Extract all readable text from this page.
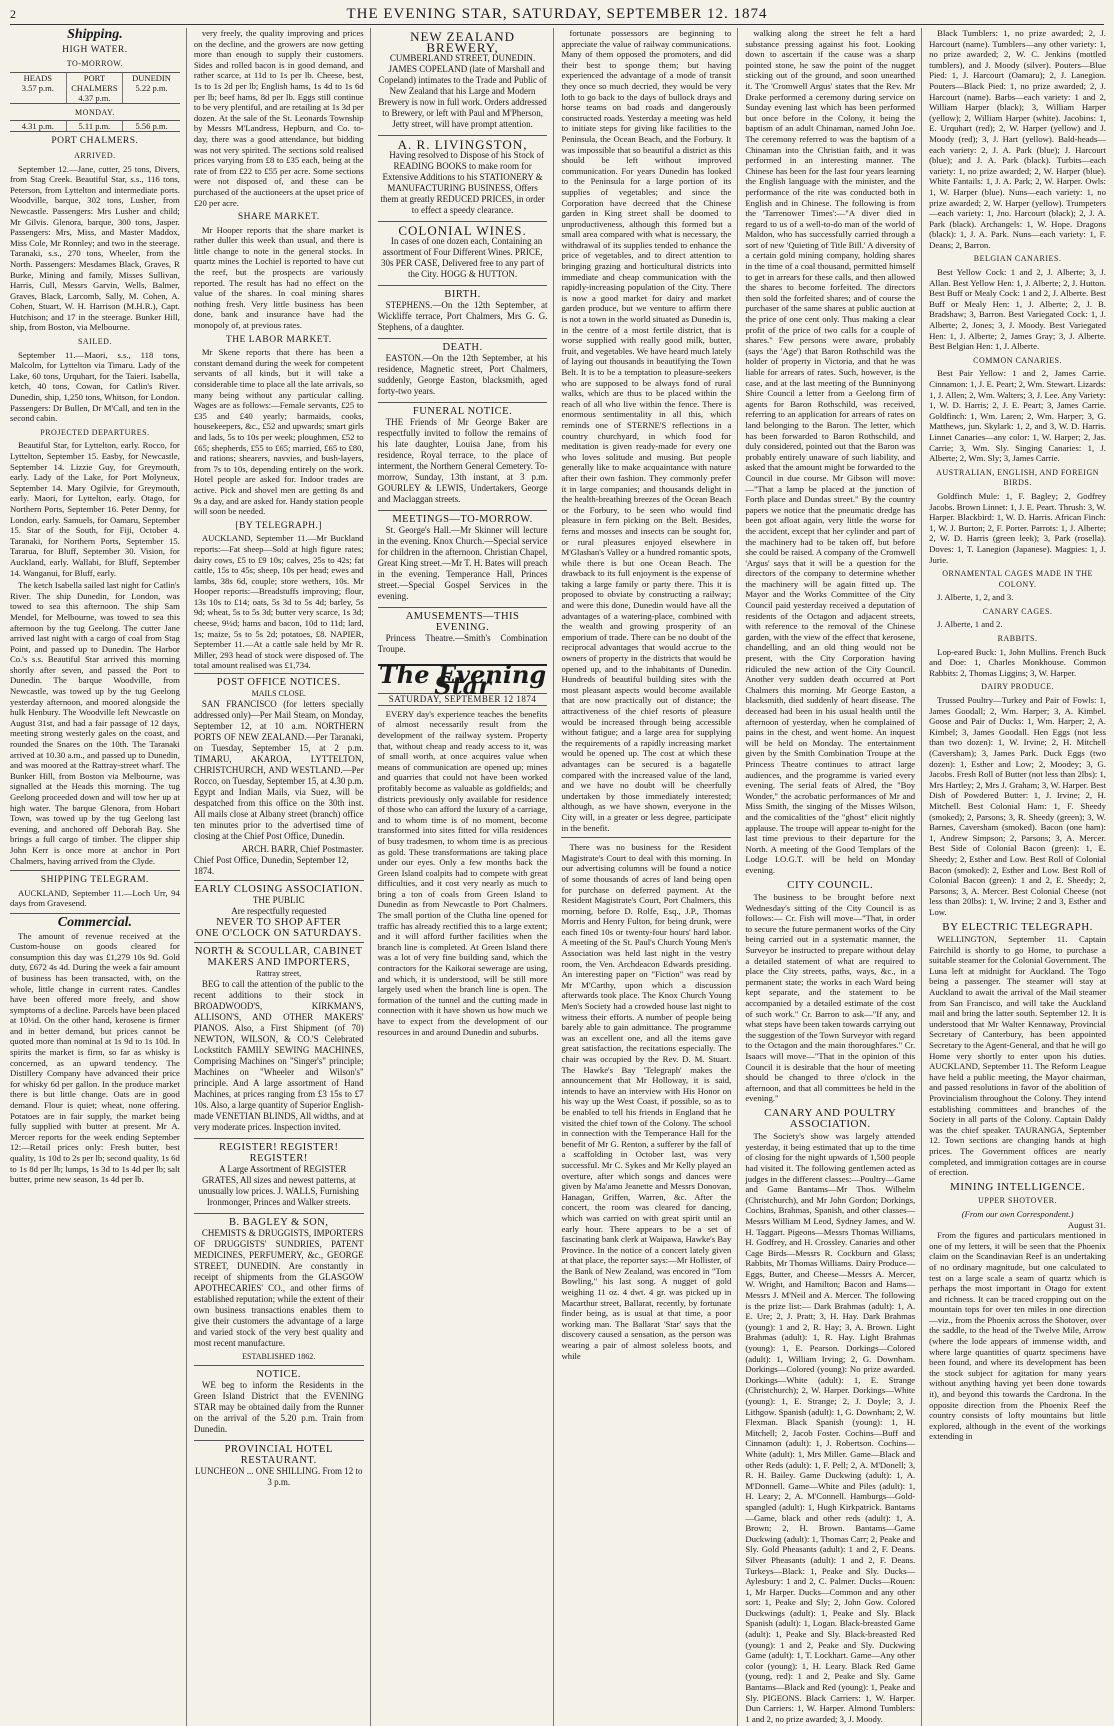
2	THE EVENING STAR, SATURDAY, SEPTEMBER 12. 1874
Shipping.
HIGH WATER.
TO-MORROW.
HEADS
3.57 p.m.
PORT CHALMERS
4.37 p.m.
DUNEDIN
5.22 p.m.
MONDAY.
4.31 p.m.	5.11 p.m.	5.56 p.m.
PORT CHALMERS.
ARRIVED.

September 12.—Jane, cutter, 25 tons, Divers, from Stag Creek. Beautiful Star, s.s., 116 tons, Peterson, from Lyttelton and intermediate ports. Woodville, barque, 302 tons, Lusher, from Newcastle. Passengers: Mrs Lusher and child; Mr Gilvis. Glenora, barque, 300 tons, Jasper. Passengers: Mrs, Miss, and Master Maddox, Miss Cole, Mr Ronnley; and two in the steerage. Taranaki, s.s., 270 tons, Wheeler, from the North. Passengers: Mesdames Black, Graves, R Burke, Mining and family, Misses Sullivan, Harris, Cull, Messrs Garvin, Wells, Balmer, Graves, Black, Larcomb, Sally, M. Cohen, A. Cohen, Stuart, W. H. Harrison (M.H.R.), Capt. Hutchison; and 17 in the steerage. Bunker Hill, ship, from Boston, via Melbourne.

SAILED.

September 11.—Maori, s.s., 118 tons, Malcolm, for Lyttelton via Timaru. Lady of the Lake, 60 tons, Urquhart, for the Taieri. Isabella, ketch, 40 tons, Cowan, for Catlin's River. Dunedin, ship, 1,250 tons, Whitson, for London. Passengers: Dr Bullen, Dr M'Call, and ten in the second cabin.

PROJECTED DEPARTURES.

Beautiful Star, for Lyttelton, early. Rocco, for Lyttelton, September 15. Easby, for Newcastle, September 14. Lizzie Guy, for Greymouth, early. Lady of the Lake, for Port Molyneux, September 14. Mary Ogilvie, for Greymouth, early. Maori, for Lyttelton, early. Otago, for Northern Ports, September 16. Peter Denny, for London, early. Samuels, for Oamaru, September 15. Star of the South, for Fiji, October 4. Taranaki, for Northern Ports, September 15. Tararua, for Bluff, September 30. Vision, for Auckland, early. Wallabi, for Bluff, September 14. Wanganui, for Bluff, early.

The ketch Isabella sailed last night for Catlin's River. The ship Dunedin, for London, was towed to sea this afternoon. The ship Sam Mendel, for Melbourne, was towed to sea this afternoon by the tug Geelong. The cutter Jane arrived last night with a cargo of coal from Stag Point, and passed up to Dunedin. The Harbor Co.'s s.s. Beautiful Star arrived this morning shortly after seven, and passed the Port to Dunedin. The barque Woodville, from Newcastle, was towed up by the tug Geelong yesterday afternoon, and moored alongside the hulk Henbury. The Woodville left Newcastle on August 31st, and had a fair passage of 12 days, meeting strong westerly gales on the coast, and rounded the Snares on the 10th. The Taranaki arrived at 10.30 a.m., and passed up to Dunedin, and was moored at the Rattray-street wharf. The Bunker Hill, from Boston via Melbourne, was signalled at the Heads this morning. The tug Geelong proceeded down and will tow her up at high water. The barque Glenora, from Hobart Town, was towed up by the tug Geelong last evening, and anchored off Deborah Bay. She brings a full cargo of timber. The clipper ship John Kerr is once more at anchor in Port Chalmers, having arrived from the Clyde.

SHIPPING TELEGRAM.

AUCKLAND, September 11.—Loch Urr, 94 days from Gravesend.

Commercial.

The amount of revenue received at the Custom-house on goods cleared for consumption this day was £1,279 10s 9d. Gold duty, £672 4s 4d. During the week a fair amount of business has been transacted, with, on the whole, little change in current rates. Candles have been offered more freely, and show symptoms of a decline. Parcels have been placed at 10½d. On the other hand, kerosene is firmer and in better demand, but prices cannot be quoted more than nominal at 1s 9d to 1s 10d. In spirits the market is firm, so far as whisky is concerned, as an upward tendency. The Distillery Company have advanced their price for whisky 6d per gallon. In the produce market there is but little change. Oats are in good demand. Flour is quiet; wheat, none offering. Potatoes are in fair supply, the market being fully supplied with butter at present. Mr A. Mercer reports for the week ending September 12:—Retail prices only: Fresh butter, best quality, 1s 10d to 2s per lb; second quality, 1s 6d to 1s 8d per lb; lumps, 1s 3d to 1s 4d per lb; salt butter, prime new season, 1s 4d per lb.

very freely, the quality improving and prices on the decline, and the growers are now getting more than enough to supply their customers. Sides and rolled bacon is in good demand, and rather scarce, at 11d to 1s per lb. Cheese, best, 1s to 1s 2d per lb; English hams, 1s 4d to 1s 6d per lb; beef hams, 8d per lb. Eggs still continue to be very plentiful, and are retailing at 1s 3d per dozen. At the sale of the St. Leonards Township by Messrs M'Landress, Hepburn, and Co. to-day, there was a good attendance, but bidding was not very spirited. The sections sold realised prices varying from £8 to £35 each, being at the rate of from £22 to £55 per acre. Some sections were not disposed of, and these can be purchased of the auctioneers at the upset price of £20 per acre.

SHARE MARKET.

Mr Hooper reports that the share market is rather duller this week than usual, and there is little change to note in the general stocks. In quartz mines the Lochiel is reported to have cut the reef, but the prospects are variously reported. The result has had no effect on the value of the shares. In coal mining shares nothing fresh. Very little business has been done, bank and insurance have had the monopoly of, at previous rates.

THE LABOR MARKET.

Mr Skene reports that there has been a constant demand during the week for competent servants of all kinds, but it will take a considerable time to place all the late arrivals, so many being without any particular calling. Wages are as follows:—Female servants, £25 to £35 and £40 yearly; barmaids, cooks, housekeepers, &c., £52 and upwards; smart girls and lads, 5s to 10s per week; ploughmen, £52 to £65; shepherds, £55 to £65; married, £65 to £80, and rations; shearers, navvies, and bush-layers, from 7s to 10s, depending entirely on the work. Hotel people are asked for. Indoor trades are active. Pick and shovel men are getting 8s and 9s a day, and are asked for. Handy station people will soon be needed.

[BY TELEGRAPH.]

AUCKLAND, September 11.—Mr Buckland reports:—Fat sheep—Sold at high figure rates; dairy cows, £5 to £9 10s; calves, 25s to 42s; fat cattle, 15s to 45s; sheep, 10s per head; ewes and lambs, 38s 6d, couple; store wethers, 10s. Mr Hooper reports:—Breadstuffs improving; flour, 13s 10s to £14; oats, 5s 3d to 5s 4d; barley, 5s 9d; wheat, 5s to 5s 3d; butter very scarce, 1s 3d; cheese, 9½d; hams and bacon, 10d to 11d; lard, 1s; maize, 5s to 5s 2d; potatoes, £8. NAPIER, September 11.—At a cattle sale held by Mr R. Miller, 293 head of stock were disposed of. The total amount realised was £1,734.

POST OFFICE NOTICES.
MAILS CLOSE.

SAN FRANCISCO (for letters specially addressed only)—Per Mail Steam, on Monday, September 12, at 10 a.m. NORTHERN PORTS OF NEW ZEALAND.—Per Taranaki, on Tuesday, September 15, at 2 p.m. TIMARU, AKAROA, LYTTELTON, CHRISTCHURCH, AND WESTLAND.—Per Rocco, on Tuesday, September 15, at 4.30 p.m. Egypt and Indian Mails, via Suez, will be despatched from this office on the 30th inst. All mails close at Albany street (branch) office ten minutes prior to the advertised time of closing at the Chief Post Office, Dunedin.

ARCH. BARR, Chief Postmaster.
Chief Post Office, Dunedin, September 12, 1874.
EARLY CLOSING ASSOCIATION.
THE PUBLIC
Are respectfully requested
NEVER TO SHOP AFTER
ONE O'CLOCK ON SATURDAYS.
NORTH & SCOULLAR, CABINET MAKERS AND IMPORTERS,
Rattray street,

BEG to call the attention of the public to the recent additions to their stock in BROADWOOD'S, KIRKMAN'S, ALLISON'S, AND OTHER MAKERS' PIANOS. Also, a First Shipment (of 70) NEWTON, WILSON, & CO.'S Celebrated Lockstitch FAMILY SEWING MACHINES, Comprising Machines on "Singer's" principle; Machines on "Wheeler and Wilson's" principle. And A large assortment of Hand Machines, at prices ranging from £3 15s to £7 10s. Also, a large quantity of Superior English-made VENETIAN BLINDS, All widths, and at very moderate prices. Inspection invited.

REGISTER! REGISTER! REGISTER!

A Large Assortment of REGISTER GRATES, All sizes and newest patterns, at unusually low prices. J. WALLS, Furnishing Ironmonger, Princes and Walker streets.

B. BAGLEY & SON,

CHEMISTS & DRUGGISTS, IMPORTERS OF DRUGGISTS' SUNDRIES, PATENT MEDICINES, PERFUMERY, &c., GEORGE STREET, DUNEDIN. Are constantly in receipt of shipments from the GLASGOW APOTHECARIES' CO., and other firms of established reputation; while the extent of their own business transactions enables them to give their customers the advantage of a large and varied stock of the very best quality and most recent manufacture.

ESTABLISHED 1862.
NOTICE.

WE beg to inform the Residents in the Green Island District that the EVENING STAR may be obtained daily from the Runner on the arrival of the 5.20 p.m. Train from Dunedin.

PROVINCIAL HOTEL RESTAURANT.
LUNCHEON ... ONE SHILLING. From 12 to 3 p.m.
NEW ZEALAND BREWERY,
CUMBERLAND STREET, DUNEDIN.

JAMES COPELAND (late of Marshall and Copeland) intimates to the Trade and Public of New Zealand that his Large and Modern Brewery is now in full work. Orders addressed to Brewery, or left with Paul and M'Pherson, Jetty street, will have prompt attention.

A. R. LIVINGSTON,

Having resolved to Dispose of his Stock of READING BOOKS to make room for Extensive Additions to his STATIONERY & MANUFACTURING BUSINESS, Offers them at greatly REDUCED PRICES, in order to effect a speedy clearance.

COLONIAL WINES.

In cases of one dozen each, Containing an assortment of Four Different Wines. PRICE, 30s PER CASE, Delivered free to any part of the City. HOGG & HUTTON.

BIRTH.

STEPHENS.—On the 12th September, at Wickliffe terrace, Port Chalmers, Mrs G. G. Stephens, of a daughter.

DEATH.

EASTON.—On the 12th September, at his residence, Magnetic street, Port Chalmers, suddenly, George Easton, blacksmith, aged forty-two years.

FUNERAL NOTICE.

THE Friends of Mr George Baker are respectfully invited to follow the remains of his late daughter, Louisa Jane, from his residence, Royal terrace, to the place of interment, the Northern General Cemetery. To-morrow, Sunday, 13th instant, at 3 p.m. GOURLEY & LEWIS, Undertakers, George and Maclaggan streets.

MEETINGS—TO-MORROW.

St. George's Hall.—Mr Skinner will lecture in the evening. Knox Church.—Special service for children in the afternoon. Christian Chapel, Great King street.—Mr T. H. Bates will preach in the evening. Temperance Hall, Princes street.—Special Gospel Services in the evening.

AMUSEMENTS—THIS EVENING.

Princess Theatre.—Smith's Combination Troupe.

The Evening Star
SATURDAY, SEPTEMBER 12 1874

EVERY day's experience teaches the benefits of almost necessarily result from the development of the railway system. Property that, without cheap and ready access to it, was of small worth, at once acquires value when means of communication are opened up; mines and quarries that could not have been worked profitably become as valuable as goldfields; and districts previously only available for residence of those who can afford the luxury of a carriage, and to whom time is of no moment, become transformed into sites fitted for villa residences of busy tradesmen, to whom time is as precious as gold. These transformations are taking place under our eyes. Only a few months back the Green Island coalpits had to compete with great difficulties, and it cost very nearly as much to bring a ton of coals from Green Island to Dunedin as from Newcastle to Port Chalmers. The small portion of the Clutha line opened for traffic has already rectified this to a large extent; and it will afford further facilities when the branch line is completed. At Green Island there was a lot of very fine building sand, which the contractors for the Kaikorai sewerage are using, and which, it is understood, will be still more largely used when the branch line is open. The formation of the tunnel and the cutting made in connection with it have shown us how much we have to expect from the development of our resources in and around Dunedin and suburbs.

fortunate possessors are beginning to appreciate the value of railway communications. Many of them opposed the promoters, and did their best to sponge them; but having experienced the advantage of a mode of transit they once so much decried, they would be very loth to go back to the days of bullock drays and horse teams on bad roads and dangerously constructed roads. Yesterday a meeting was held to initiate steps for giving like facilities to the Peninsula, the Ocean Beach, and the Forbury. It was impossible that so beautiful a district as this should be left without improved communication. For years Dunedin has looked to the Peninsula for a large portion of its supplies of vegetables; and since the Corporation have decreed that the Chinese garden in King street shall be doomed to unproductiveness, although this formed but a small area compared with what is necessary, the withdrawal of its supplies tended to enhance the price of vegetables, and to direct attention to bringing grazing and horticultural districts into immediate and cheap communication with the rapidly-increasing population of the City. There is now a good market for dairy and market garden produce, but we venture to affirm there is not a town in the world situated as Dunedin is, in the centre of a most fertile district, that is worse supplied with really good milk, butter, fruit, and vegetables. We have heard much lately of laying out thousands in beautifying the Town Belt. It is to be a temptation to pleasure-seekers who are supposed to be always fond of rural walks, which are thus to be placed within the reach of all who live within the fence. There is enormous sentimentality in all this, which reminds one of STERNE'S reflections in a country churchyard, in which food for meditation is given ready-made for every one who loves solitude and musing. But people generally like to make acquaintance with nature after their own fashion. They commonly prefer it in large companies; and thousands delight in the health-breathing breezes of the Ocean Beach or the Forbury, to be seen who would find pleasure in fern picking on the Belt. Besides, ferns and mosses and insects can be sought for, or rural pleasures enjoyed elsewhere in M'Glashan's Valley or a hundred romantic spots, while there is but one Ocean Beach. The drawback to its full enjoyment is the expense of taking a large family or party there. This it is proposed to obviate by constructing a railway; and were this done, Dunedin would have all the advantages of a watering-place, combined with the wealth and growing prosperity of an emporium of trade. There can be no doubt of the reciprocal advantages that would accrue to the owners of property in the districts that would be opened up, and to the inhabitants of Dunedin. Hundreds of beautiful building sites with the most pleasant aspects would become available that are now practically out of distance; the attractiveness of the chief resorts of pleasure would be increased through being accessible without fatigue; and a large area for supplying the requirements of a rapidly increasing market would be opened up. The cost at which these advantages can be secured is a bagatelle compared with the increased value of the land, and we have no doubt will be cheerfully undertaken by those immediately interested; although, as we have shown, everyone in the City will, in a greater or less degree, participate in the benefit.

There was no business for the Resident Magistrate's Court to deal with this morning. In our advertising columns will be found a notice of some thousands of acres of land being open for purchase on deferred payment. At the Resident Magistrate's Court, Port Chalmers, this morning, before D. Rolfe, Esq., J.P., Thomas Morris and Henry Fulton, for being drunk, were each fined 10s or twenty-four hours' hard labor. A meeting of the St. Paul's Church Young Men's Association was held last night in the vestry room, the Ven. Archdeacon Edwards presiding. An interesting paper on "Fiction" was read by Mr M'Carthy, upon which a discussion afterwards took place. The Knox Church Young Men's Society had a crowded house last night to witness their efforts. A number of people being barely able to gain admittance. The programme was an excellent one, and all the items gave great satisfaction, the recitations especially. The chair was occupied by the Rev. D. M. Stuart. The Hawke's Bay 'Telegraph' makes the announcement that Mr Holloway, it is said, intends to have an interview with His Honor on his way up the West Coast, if possible, so as to be enabled to tell his friends in England that he visited the chief town of the Colony. The school in connection with the Temperance Hall for the benefit of Mr G. Renton, a sufferer by the fall of a scaffolding in October last, was very successful. Mr C. Sykes and Mr Kelly played an overture, after which songs and dances were given by Ma'amo Jeanette and Messrs Donovan, Hanagan, Griffen, Warren, &c. After the concert, the room was cleared for dancing, which was carried on with great spirit until an early hour. There appears to be a set of fascinating bank clerk at Waipawa, Hawke's Bay Province. In the notice of a concert lately given at that place, the reporter says:—Mr Hollister, of the Bank of New Zealand, was encored in "Tom Bowling," his last song. A nugget of gold weighing 11 oz. 4 dwt. 4 gr. was picked up in Macarthur street, Ballarat, recently, by fortunate finder being, as is usual at that time, a poor working man. The Ballarat 'Star' says that the discovery caused a sensation, as the person was wearing a pair of almost soleless boots, and while

walking along the street he felt a hard substance pressing against his foot. Looking down to ascertain if the cause was a sharp pointed stone, he saw the point of the nugget sticking out of the ground, and soon unearthed it. The 'Cromwell Argus' states that the Rev. Mr Drake performed a ceremony during service on Sunday evening last which has been performed but once before in the Colony, it being the baptism of an adult Chinaman, named John Joe. The ceremony referred to was the baptism of a Chinaman into the Christian faith, and it was performed in an interesting manner. The Chinese has been for the last four years learning the English language with the minister, and the performance of the rite was conducted both in English and in Chinese. The following is from the 'Tarrenower Times':—"A diver died in regard to us of a well-to-do man of the world of Maldon, who has successfully carried through a sort of new 'Quieting of Title Bill.' A diversity of a certain gold mining company, holding shares in the time of a coal thousand, permitted himself to get in arrears for these calls, and then allowed the shares to become forfeited. The directors then sold the forfeited shares; and of course the purchaser of the same shares at public auction at the price of one cent only. Thus making a clear profit of the price of two calls for a couple of shares." Few persons were aware, probably (says the 'Age') that Baron Rothschild was the holder of property in Victoria, and that he was liable for arrears of rates. Such, however, is the case, and at the last meeting of the Bunninyong Shire Council a letter from a Geelong firm of agents for Baron Rothschild, was received, referring to an application for arrears of rates on land belonging to the Baron. The letter, which has been forwarded to Baron Rothschild, and duly considered, pointed out that the Baron was probably entirely unaware of such liability, and asked that the amount might be forwarded to the Council in due course. Mr Gibson will move:—"That a lamp be placed at the junction of Forth place and Dundas street." By the country papers we notice that the pneumatic dredge has been got afloat again, very little the worse for the accident, except that her cylinder and part of the machinery had to be taken off, but before she could be raised. A company of the Cromwell 'Argus' says that it will be a question for the directors of the company to determine whether the machinery will be again fitted up. The Mayor and the Works Committee of the City Council paid yesterday received a deputation of residents of the Octagon and adjacent streets, with reference to the removal of the Chinese garden, with the view of the effect that kerosene, chandelling, and an old thing would not be present, with the City Corporation having ridiculed the new action of the City Council. Another very sudden death occurred at Port Chalmers this morning. Mr George Easton, a blacksmith, died suddenly of heart disease. The deceased had been in his usual health until the afternoon of yesterday, when he complained of pains in the chest, and went home. An inquest will be held on Monday. The entertainment given by the Smith Combination Troupe at the Princess Theatre continues to attract large audiences, and the programme is varied every evening. The serial feats of Alred, the "Boy Wonder," the acrobatic performances of Mr and Miss Smith, the singing of the Misses Wilson, and the comicalities of the "ghost" elicit nightly applause. The troupe will appear to-night for the last time previous to their departure for the North. A meeting of the Good Templars of the Lodge I.O.G.T. will be held on Monday evening.

CITY COUNCIL.

The business to be brought before next Wednesday's sitting of the City Council is as follows:— Cr. Fish will move—"That, in order to secure the future permanent works of the City being carried out in a systematic manner, the Surveyor be instructed to prepare without delay a detailed statement of what are required to place the City streets, paths, ways, &c., in a permanent state; the works in each Ward being kept separate, and the statement to be accompanied by a detailed estimate of the cost of such work." Cr. Barron to ask—"If any, and what steps have been taken towards carrying out the suggestion of the Town Surveyor with regard to the Octagon and the main thoroughfares." Cr. Isaacs will move—"That in the opinion of this Council it is desirable that the hour of meeting should be changed to three o'clock in the afternoon, and that all committees be held in the evening."

CANARY AND POULTRY ASSOCIATION.

The Society's show was largely attended yesterday, it being estimated that up to the time of closing for the night upwards of 1,500 people had visited it. The following gentlemen acted as judges in the different classes:—Poultry—Game and Game Bantams—Mr Thos. Wilhelm (Christchurch), and Mr John Gordon; Dorkings, Cochins, Brahmas, Spanish, and other classes—Messrs William M Leod, Sydney James, and W. H. Taggart. Pigeons—Messrs Thomas Williams, H. Godfrey, and H. Crossley. Canaries and other Cage Birds—Messrs R. Cockburn and Glass; Rabbits, Mr Thomas Williams. Dairy Produce—Eggs, Butter, and Cheese—Messrs A. Mercer, W. Wright, and Hamilton; Bacon and Hams—Messrs J. M'Neil and A. Mercer. The following is the prize list:— Dark Brahmas (adult): 1, A. E. Ure; 2, J. Pratt; 3, H. Hay. Dark Brahmas (young): 1 and 2, R. Hay; 3, A. Brown. Light Brahmas (adult): 1, R. Hay. Light Brahmas (young): 1, E. Pearson. Dorkings—Colored (adult): 1, William Irving; 2, G. Downham. Dorkings—Colored (young): No prize awarded. Dorkings—White (adult): 1, E. Strange (Christchurch); 2, W. Harper. Dorkings—White (young): 1, E. Strange; 2, J. Doyle; 3, J. Lithgow. Spanish (adult): 1, G. Downham; 2, W. Flexman. Black Spanish (young): 1, H. Mitchell; 2, Jacob Foster. Cochins—Buff and Cinnamon (adult): 1, J. Robertson. Cochins—White (adult): 1, Mrs Miller. Game—Black and other Reds (adult): 1, F. Pell; 2, A. M'Donell; 3, R. H. Bailey. Game Duckwing (adult): 1, A. M'Donnell. Game—White and Piles (adult): 1, H. Leary; 2, A. M'Connell. Hamburgs—Gold-spangled (adult): 1, Hugh Kirkpatrick. Bantams—Game, black and other reds (adult): 1, A. Brown; 2, H. Brown. Bantams—Game Duckwing (adult): 1, Thomas Carr; 2, Peake and Sly. Gold Pheasants (adult): 1 and 2, F. Deans. Silver Pheasants (adult): 1 and 2, F. Deans. Turkeys—Black: 1, Peake and Sly. Ducks—Aylesbury: 1 and 2, C. Palmer. Ducks—Rouen: 1, Mr Harper. Ducks—Common and any other sort: 1, Peake and Sly; 2, John Gow. Colored Duckwings (adult): 1, Peake and Sly. Black Spanish (adult): 1, Logan. Black-breasted Game (adult): 1, Peake and Sly. Black-breasted Red (young): 1 and 2, Peake and Sly. Duckwing Game (adult): 1, T. Lockhart. Game—Any other color (young): 1, H. Leary. Black Red Game (young, red): 1 and 2, Peake and Sly. Game Bantams—Black and Red (young): 1, Peake and Sly. PIGEONS. Black Carriers: 1, W. Harper. Dun Carriers: 1, W. Harper. Almond Tumblers: 1 and 2, no prize awarded; 3, J. Moody.

Black Tumblers: 1, no prize awarded; 2, J. Harcourt (name). Tumblers—any other variety: 1, no prize awarded; 2, W. C. Jenkins (mottled tumblers), and J. Moody (silver). Pouters—Blue Pied: 1, J. Harcourt (Oamaru); 2, J. Lanegion. Pouters—Black Pied: 1, no prize awarded; 2, J. Harcourt (name). Barbs—each variety: 1 and 2, William Harper (black); 3, William Harper (yellow); 2, William Harper (white). Jacobins: 1, E. Urquhart (red); 2, W. Harper (yellow) and J. Moody (red); 3, J. Hart (yellow). Bald-heads—each variety: 2, J. A. Park (blue); J. Harcourt (blue); and J. A. Park (black). Turbits—each variety: 1, no prize awarded; 2, W. Harper (blue). White Fantails: 1, J. A. Park; 2, W. Harper. Owls: 1, W. Harper (blue). Nuns—each variety: 1, no prize awarded; 2, W. Harper (yellow). Trumpeters—each variety: 1, Jno. Harcourt (black); 2, J. A. Park (black). Archangels: 1, W. Hope. Dragons (black): 1, J. A. Park. Nuns—each variety: 1, F. Deans; 2, Barron.

BELGIAN CANARIES.

Best Yellow Cock: 1 and 2, J. Alberte; 3, J. Allan. Best Yellow Hen: 1, J. Alberte; 2, J. Hutton. Best Buff or Mealy Cock: 1 and 2, J. Alberte. Best Buff or Mealy Hen: 1, J. Alberte; 2, J. B. Bradshaw; 3, Barron. Best Variegated Cock: 1, J. Alberte; 2, Jones; 3, J. Moody. Best Variegated Hen: 1, J. Alberte; 2, James Gray; 3, J. Alberte. Best Belgian Hen: 1, J. Alberte.

COMMON CANARIES.

Best Pair Yellow: 1 and 2, James Carrie. Cinnamon: 1, J. E. Peart; 2, Wm. Stewart. Lizards: 1, J. Allen; 2, Wm. Walters; 3, J. Lee. Any Variety: 1, W. D. Harris; 2, J. E. Peart; 3, James Carrie. Goldfinch: 1, Wm. Laren; 2, Wm. Harper; 3, G. Matthews, jun. Skylark: 1, 2, and 3, W. D. Harris. Linnet Canaries—any color: 1, W. Harper; 2, Jas. Carrie; 3, Wm. Sly. Singing Canaries: 1, J. Alberte; 2, Wm. Sly; 3, James Carrie.

AUSTRALIAN, ENGLISH, AND FOREIGN BIRDS.

Goldfinch Mule: 1, F. Bagley; 2, Godfrey Jacobs. Brown Linnet: 1, J. E. Peart. Thrush: 3, W. Harper. Blackbird: 1, W. D. Harris. African Finch: 1, W. J. Burton; 2, F. Porter. Parrots: 1, J. Alberte; 2, W. D. Harris (green leek); 3, Park (rosella). Doves: 1, T. Lanegion (Japanese). Magpies: 1, J. Jurie.

ORNAMENTAL CAGES MADE IN THE COLONY.

J. Alberte, 1, 2, and 3.

CANARY CAGES.

J. Alberte, 1 and 2.

RABBITS.

Lop-eared Buck: 1, John Mullins. French Buck and Doe: 1, Charles Monkhouse. Common Rabbits: 2, Thomas Liggins; 3, W. Harper.

DAIRY PRODUCE.

Trussed Poultry—Turkey and Pair of Fowls: 1, James Goodall; 2, Wm. Harper; 3, A. Kimbel. Goose and Pair of Ducks: 1, Wm. Harper; 2, A. Kimbel; 3, James Goodall. Hen Eggs (not less than two dozen): 1, W. Irvine; 2, H. Mitchell (Caversham); 3, James Park. Duck Eggs (two dozen): 1, Esther and Low; 2, Moodey; 3, G. Jacobs. Fresh Roll of Butter (not less than 2lbs): 1, Mrs Hartley; 2, Mrs J. Graham; 3, W. Harper. Best Dish of Powdered Butter: 1, J. Irvine; 2, H. Mitchell. Best Colonial Ham: 1, F. Sheedy (smoked); 2, Parsons; 3, R. Sheedy (green); 3, W. Barnes, Caversham (smoked). Bacon (one ham): 1, Andrew Simpson; 2, Parsons; 3, A. Mercer. Best Side of Colonial Bacon (green): 1, E. Sheedy; 2, Esther and Low. Best Roll of Colonial Bacon (smoked): 2, Esther and Low. Best Roll of Colonial Bacon (green): 1 and 2, E. Sheedy; 2, Parsons; 3, A. Mercer. Best Colonial Cheese (not less than 20lbs): 1, W. Irvine; 2 and 3, Esther and Low.

BY ELECTRIC TELEGRAPH.

WELLINGTON, September 11. Captain Fairchild is shortly to go Home, to purchase a suitable steamer for the Colonial Government. The Luna left at midnight for Auckland. The Togo being a passenger. The steamer will stay at Auckland to await the arrival of the Mail steamer from San Francisco, and will take the Auckland mail and bring the latter south. September 12. It is understood that Mr Walter Kennaway, Provincial Secretary of Canterbury, has been appointed Secretary to the Agent-General, and that he will go Home very shortly to enter upon his duties. AUCKLAND, September 11. The Reform League have held a public meeting, the Mayor chairman, and passed resolutions in favor of the abolition of Provincialism throughout the Colony. They intend establishing committees and branches of the Society in all parts of the Colony. Captain Daldy was the chief speaker. TAURANGA, September 12. Town sections are changing hands at high prices. The Government offices are nearly completed, and immigration cottages are in course of erection.

MINING INTELLIGENCE.
UPPER SHOTOVER.
(From our own Correspondent.)
August 31.

From the figures and particulars mentioned in one of my letters, it will be seen that the Phoenix claim on the Scandinavian Reef is an undertaking of no ordinary magnitude, but one calculated to test on a large scale a seam of quartz which is perhaps the most important in Otago for extent and richness. It can be traced cropping out on the mountain tops for over ten miles in one direction—viz., from the Phoenix across the Shotover, over the saddle, to the head of the Twelve Mile, Arrow (where the lode appears of immense width, and where large quantities of quartz specimens have been found, and where its development has been the stock subject for agitation for many years without anything having yet been done towards it), and beyond this towards the Cardrona. In the opposite direction from the Phoenix Reef the country consists of lofty mountains but little explored, although in the event of the workings extending in
